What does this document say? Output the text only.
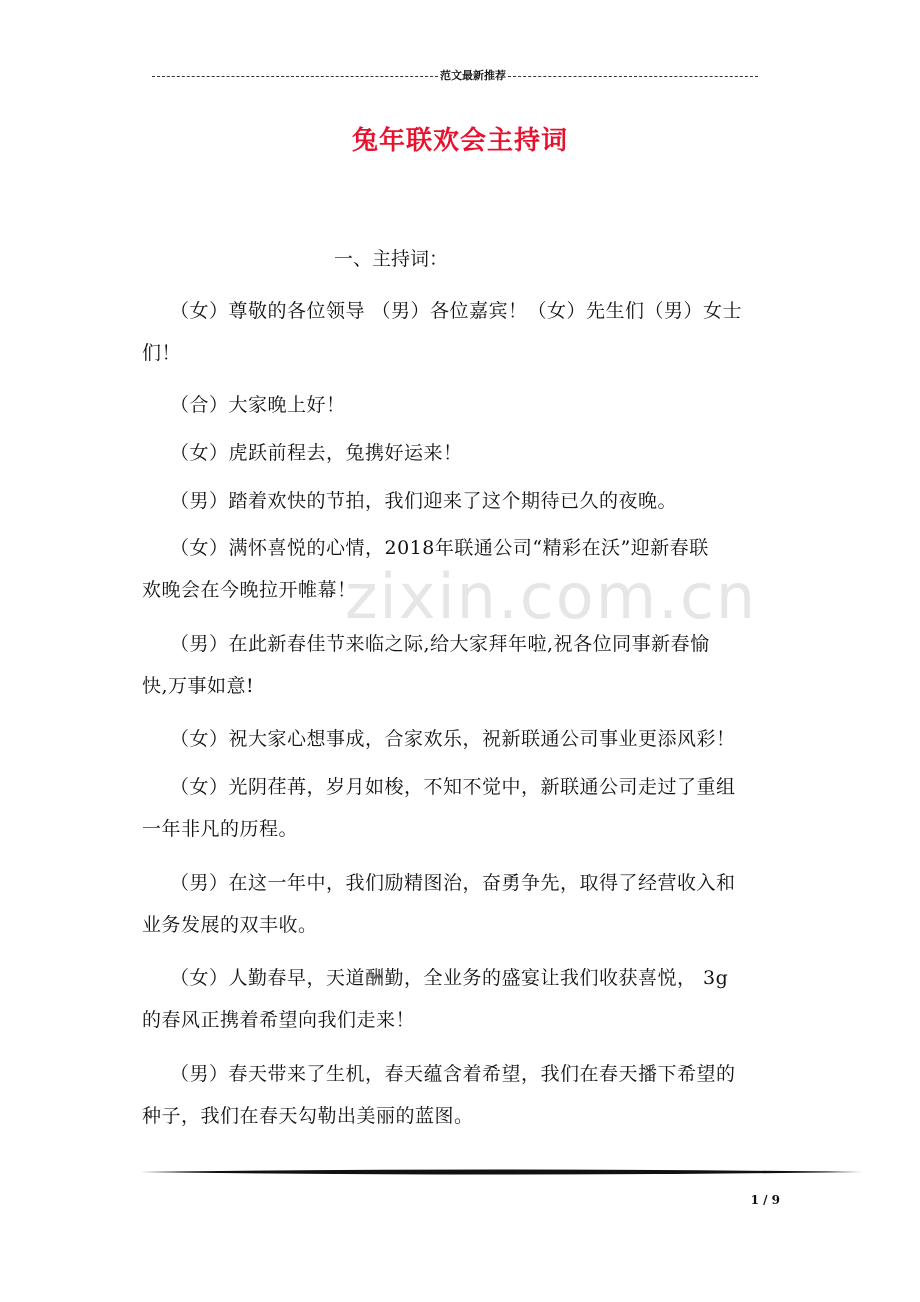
范文最新推荐
兔年联欢会主持词
zixin.com.cn
一、主持词：
（女）尊敬的各位领导 （男）各位嘉宾！（女）先生们（男）女士
们！
（合）大家晚上好！
（女）虎跃前程去，兔携好运来！
（男）踏着欢快的节拍，我们迎来了这个期待已久的夜晚。
（女）满怀喜悦的心情，2018年联通公司“精彩在沃”迎新春联
欢晚会在今晚拉开帷幕！
（男）在此新春佳节来临之际,给大家拜年啦,祝各位同事新春愉
快,万事如意!
（女）祝大家心想事成，合家欢乐，祝新联通公司事业更添风彩！
（女）光阴荏苒，岁月如梭，不知不觉中，新联通公司走过了重组
一年非凡的历程。
（男）在这一年中，我们励精图治，奋勇争先，取得了经营收入和
业务发展的双丰收。
（女）人勤春早，天道酬勤，全业务的盛宴让我们收获喜悦， 3g
的春风正携着希望向我们走来！
（男）春天带来了生机，春天蕴含着希望，我们在春天播下希望的
种子，我们在春天勾勒出美丽的蓝图。
1 / 9
